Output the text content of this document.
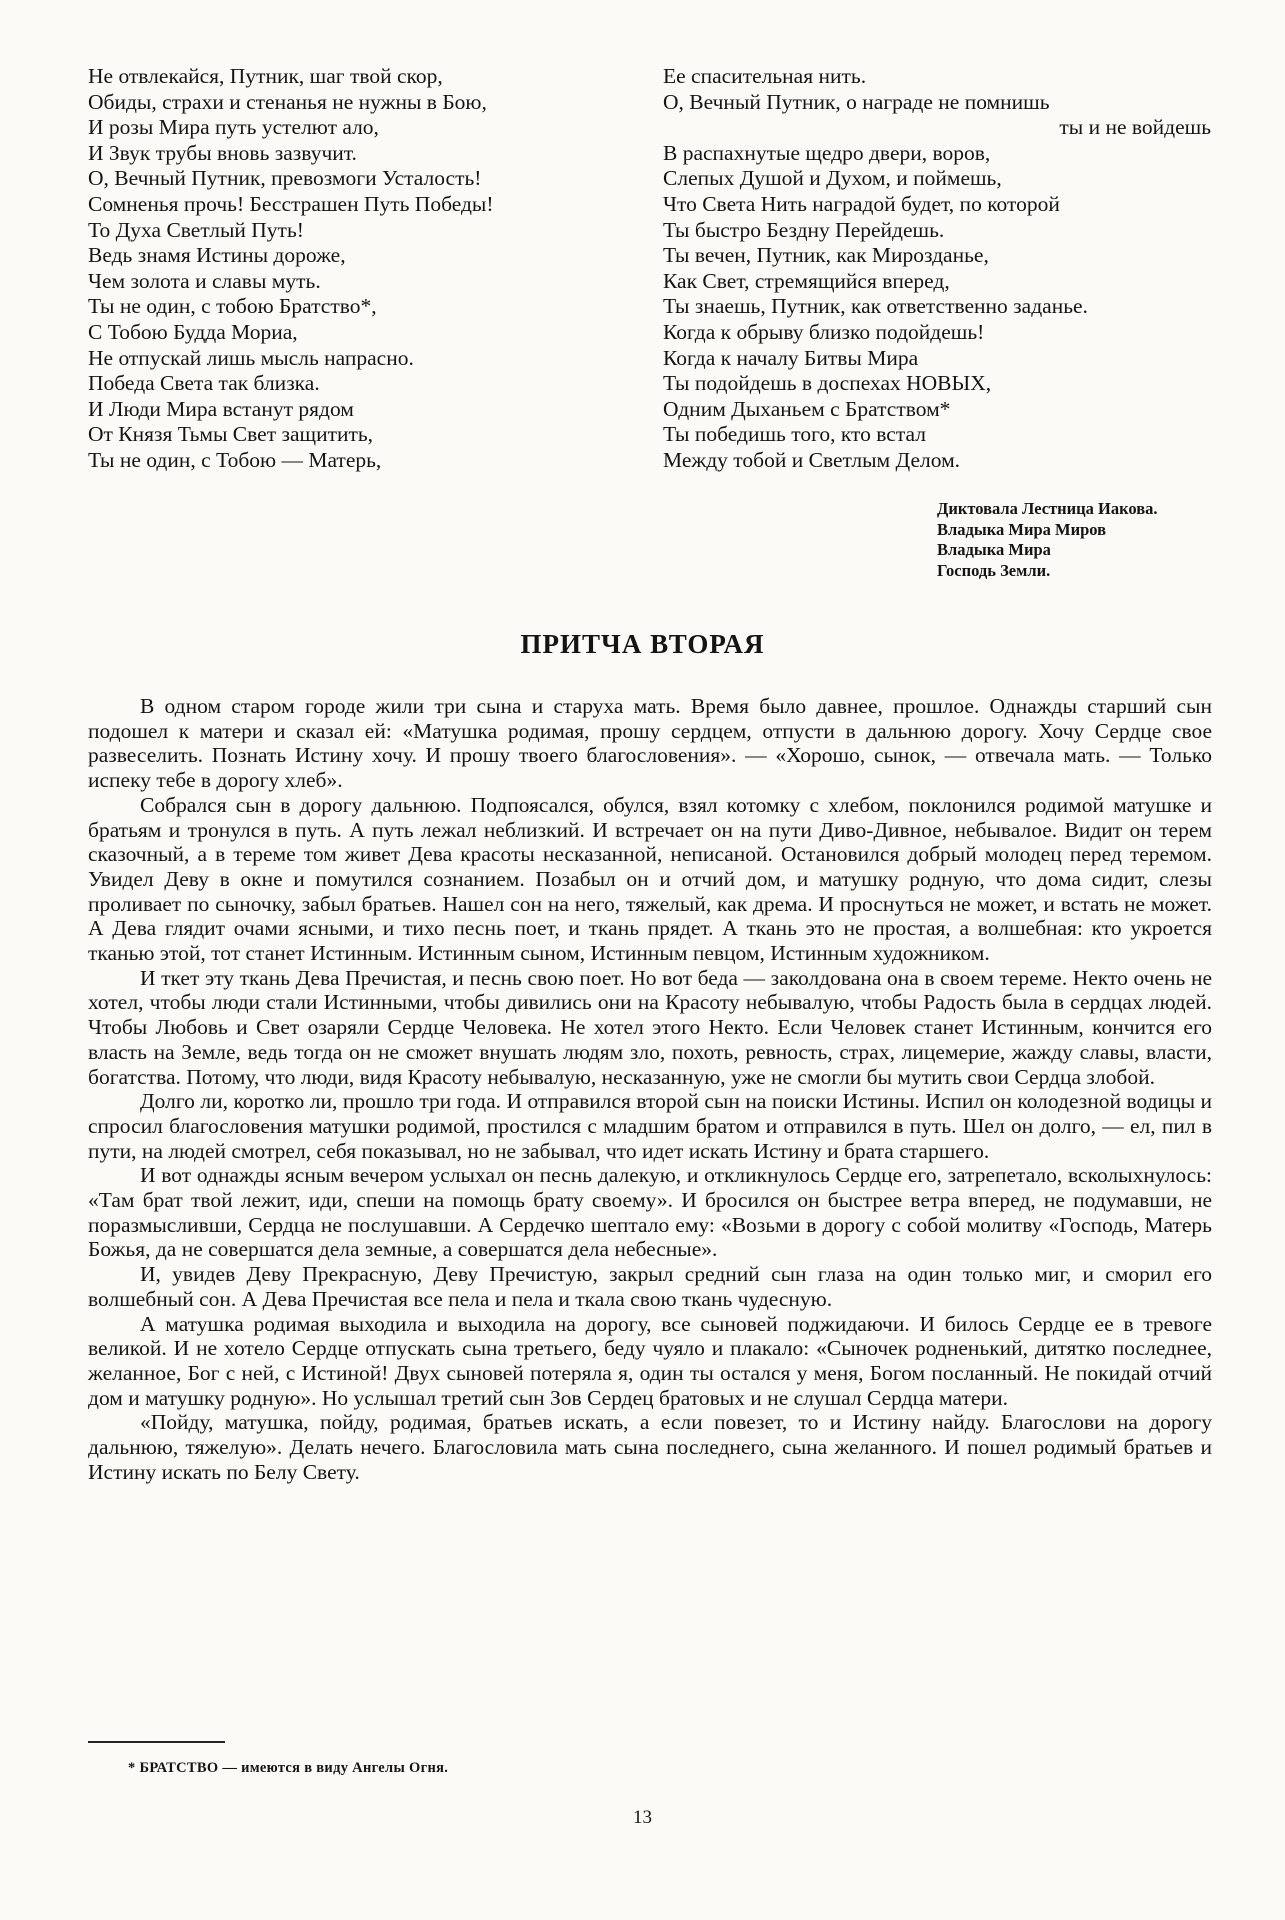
Не отвлекайся, Путник, шаг твой скор,
Обиды, страхи и стенанья не нужны в Бою,
И розы Мира путь устелют ало,
И Звук трубы вновь зазвучит.
О, Вечный Путник, превозмоги Усталость!
Сомненья прочь! Бесстрашен Путь Победы!
То Духа Светлый Путь!
Ведь знамя Истины дороже,
Чем золота и славы муть.
Ты не один, с тобою Братство*,
С Тобою Будда Мориа,
Не отпускай лишь мысль напрасно.
Победа Света так близка.
И Люди Мира встанут рядом
От Князя Тьмы Свет защитить,
Ты не один, с Тобою — Матерь,
Ее спасительная нить.
О, Вечный Путник, о награде не помнишь
ты и не войдешь
В распахнутые щедро двери, воров,
Слепых Душой и Духом, и поймешь,
Что Света Нить наградой будет, по которой
Ты быстро Бездну Перейдешь.
Ты вечен, Путник, как Мирозданье,
Как Свет, стремящийся вперед,
Ты знаешь, Путник, как ответственно заданье.
Когда к обрыву близко подойдешь!
Когда к началу Битвы Мира
Ты подойдешь в доспехах НОВЫХ,
Одним Дыханьем с Братством*
Ты победишь того, кто встал
Между тобой и Светлым Делом.
Диктовала Лестница Иакова.
Владыка Мира Миров
Владыка Мира
Господь Земли.
ПРИТЧА ВТОРАЯ

В одном старом городе жили три сына и старуха мать. Время было давнее, прошлое. Однажды старший сын подошел к матери и сказал ей: «Матушка родимая, прошу сердцем, отпусти в дальнюю дорогу. Хочу Сердце свое развеселить. Познать Истину хочу. И прошу твоего благословения». — «Хорошо, сынок, — отвечала мать. — Только испеку тебе в дорогу хлеб».

Собрался сын в дорогу дальнюю. Подпоясался, обулся, взял котомку с хлебом, поклонился родимой матушке и братьям и тронулся в путь. А путь лежал неблизкий. И встречает он на пути Диво-Дивное, небывалое. Видит он терем сказочный, а в тереме том живет Дева красоты несказанной, неписаной. Остановился добрый молодец перед теремом. Увидел Деву в окне и помутился сознанием. Позабыл он и отчий дом, и матушку родную, что дома сидит, слезы проливает по сыночку, забыл братьев. Нашел сон на него, тяжелый, как дрема. И проснуться не может, и встать не может. А Дева глядит очами ясными, и тихо песнь поет, и ткань прядет. А ткань это не простая, а волшебная: кто укроется тканью этой, тот станет Истинным. Истинным сыном, Истинным певцом, Истинным художником.

И ткет эту ткань Дева Пречистая, и песнь свою поет. Но вот беда — заколдована она в своем тереме. Некто очень не хотел, чтобы люди стали Истинными, чтобы дивились они на Красоту небывалую, чтобы Радость была в сердцах людей. Чтобы Любовь и Свет озаряли Сердце Человека. Не хотел этого Некто. Если Человек станет Истинным, кончится его власть на Земле, ведь тогда он не сможет внушать людям зло, похоть, ревность, страх, лицемерие, жажду славы, власти, богатства. Потому, что люди, видя Красоту небывалую, несказанную, уже не смогли бы мутить свои Сердца злобой.

Долго ли, коротко ли, прошло три года. И отправился второй сын на поиски Истины. Испил он колодезной водицы и спросил благословения матушки родимой, простился с младшим братом и отправился в путь. Шел он долго, — ел, пил в пути, на людей смотрел, себя показывал, но не забывал, что идет искать Истину и брата старшего.

И вот однажды ясным вечером услыхал он песнь далекую, и откликнулось Сердце его, затрепетало, всколыхнулось: «Там брат твой лежит, иди, спеши на помощь брату своему». И бросился он быстрее ветра вперед, не подумавши, не поразмысливши, Сердца не послушавши. А Сердечко шептало ему: «Возьми в дорогу с собой молитву «Господь, Матерь Божья, да не совершатся дела земные, а совершатся дела небесные».

И, увидев Деву Прекрасную, Деву Пречистую, закрыл средний сын глаза на один только миг, и сморил его волшебный сон. А Дева Пречистая все пела и пела и ткала свою ткань чудесную.

А матушка родимая выходила и выходила на дорогу, все сыновей поджидаючи. И билось Сердце ее в тревоге великой. И не хотело Сердце отпускать сына третьего, беду чуяло и плакало: «Сыночек родненький, дитятко последнее, желанное, Бог с ней, с Истиной! Двух сыновей потеряла я, один ты остался у меня, Богом посланный. Не покидай отчий дом и матушку родную». Но услышал третий сын Зов Сердец братовых и не слушал Сердца матери.

«Пойду, матушка, пойду, родимая, братьев искать, а если повезет, то и Истину найду. Благослови на дорогу дальнюю, тяжелую». Делать нечего. Благословила мать сына последнего, сына желанного. И пошел родимый братьев и Истину искать по Белу Свету.

* БРАТСТВО — имеются в виду Ангелы Огня.
13
